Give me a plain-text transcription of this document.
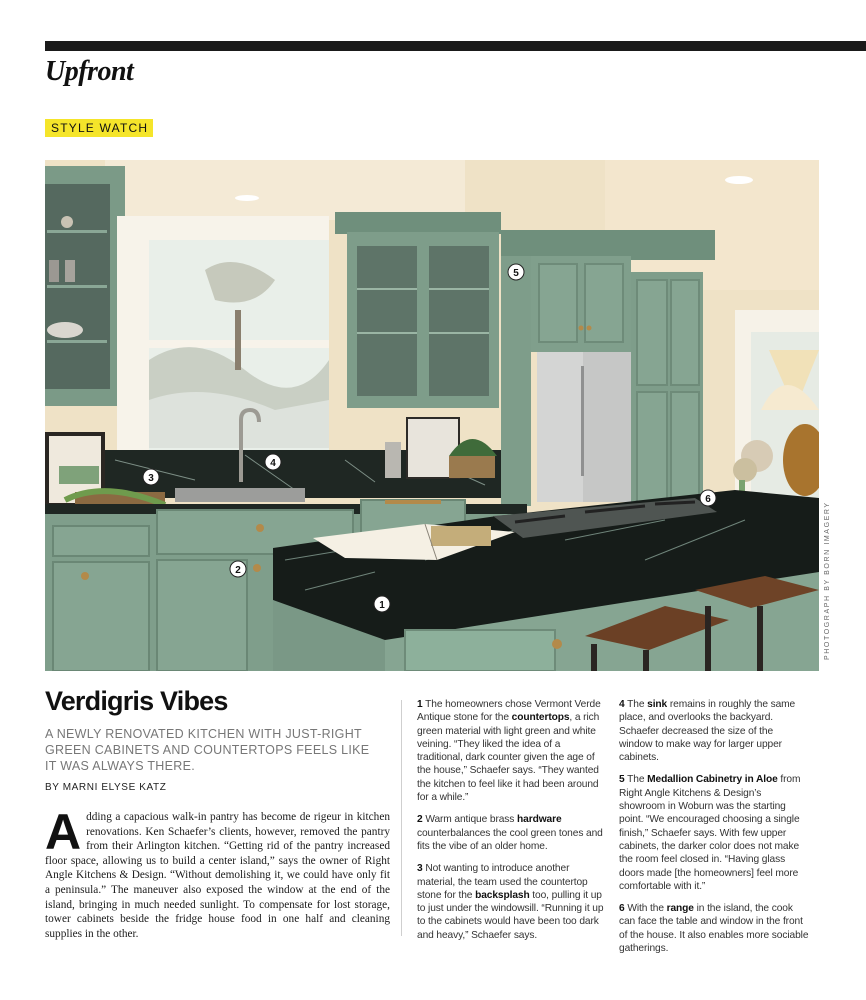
Upfront
STYLE WATCH
1
2
3
4
5
6
PHOTOGRAPH BY BORN IMAGERY
Verdigris Vibes
A NEWLY RENOVATED KITCHEN WITH JUST-RIGHT GREEN CABINETS AND COUNTERTOPS FEELS LIKE IT WAS ALWAYS THERE.
BY MARNI ELYSE KATZ

Adding a capacious walk-in pantry has become de rigeur in kitchen renovations. Ken Schaefer’s clients, however, removed the pantry from their Arlington kitchen. “Getting rid of the pantry increased floor space, allowing us to build a center island,” says the owner of Right Angle Kitchens & Design. “Without demolishing it, we could have only fit a peninsula.” The maneuver also exposed the window at the end of the island, bringing in much needed sunlight. To compensate for lost storage, tower cabinets beside the fridge house food in one half and cleaning supplies in the other.

1 The homeowners chose Vermont Verde Antique stone for the countertops, a rich green material with light green and white veining. “They liked the idea of a traditional, dark counter given the age of the house,” Schaefer says. “They wanted the kitchen to feel like it had been around for a while.”

2 Warm antique brass hardware counterbalances the cool green tones and fits the vibe of an older home.

3 Not wanting to introduce another material, the team used the countertop stone for the backsplash too, pulling it up to just under the windowsill. “Running it up to the cabinets would have been too dark and heavy,” Schaefer says.

4 The sink remains in roughly the same place, and overlooks the backyard. Schaefer decreased the size of the window to make way for larger upper cabinets.

5 The Medallion Cabinetry in Aloe from Right Angle Kitchens & Design’s showroom in Woburn was the starting point. “We encouraged choosing a single finish,” Schaefer says. With few upper cabinets, the darker color does not make the room feel closed in. “Having glass doors made [the homeowners] feel more comfortable with it.”

6 With the range in the island, the cook can face the table and window in the front of the house. It also enables more sociable gatherings.
